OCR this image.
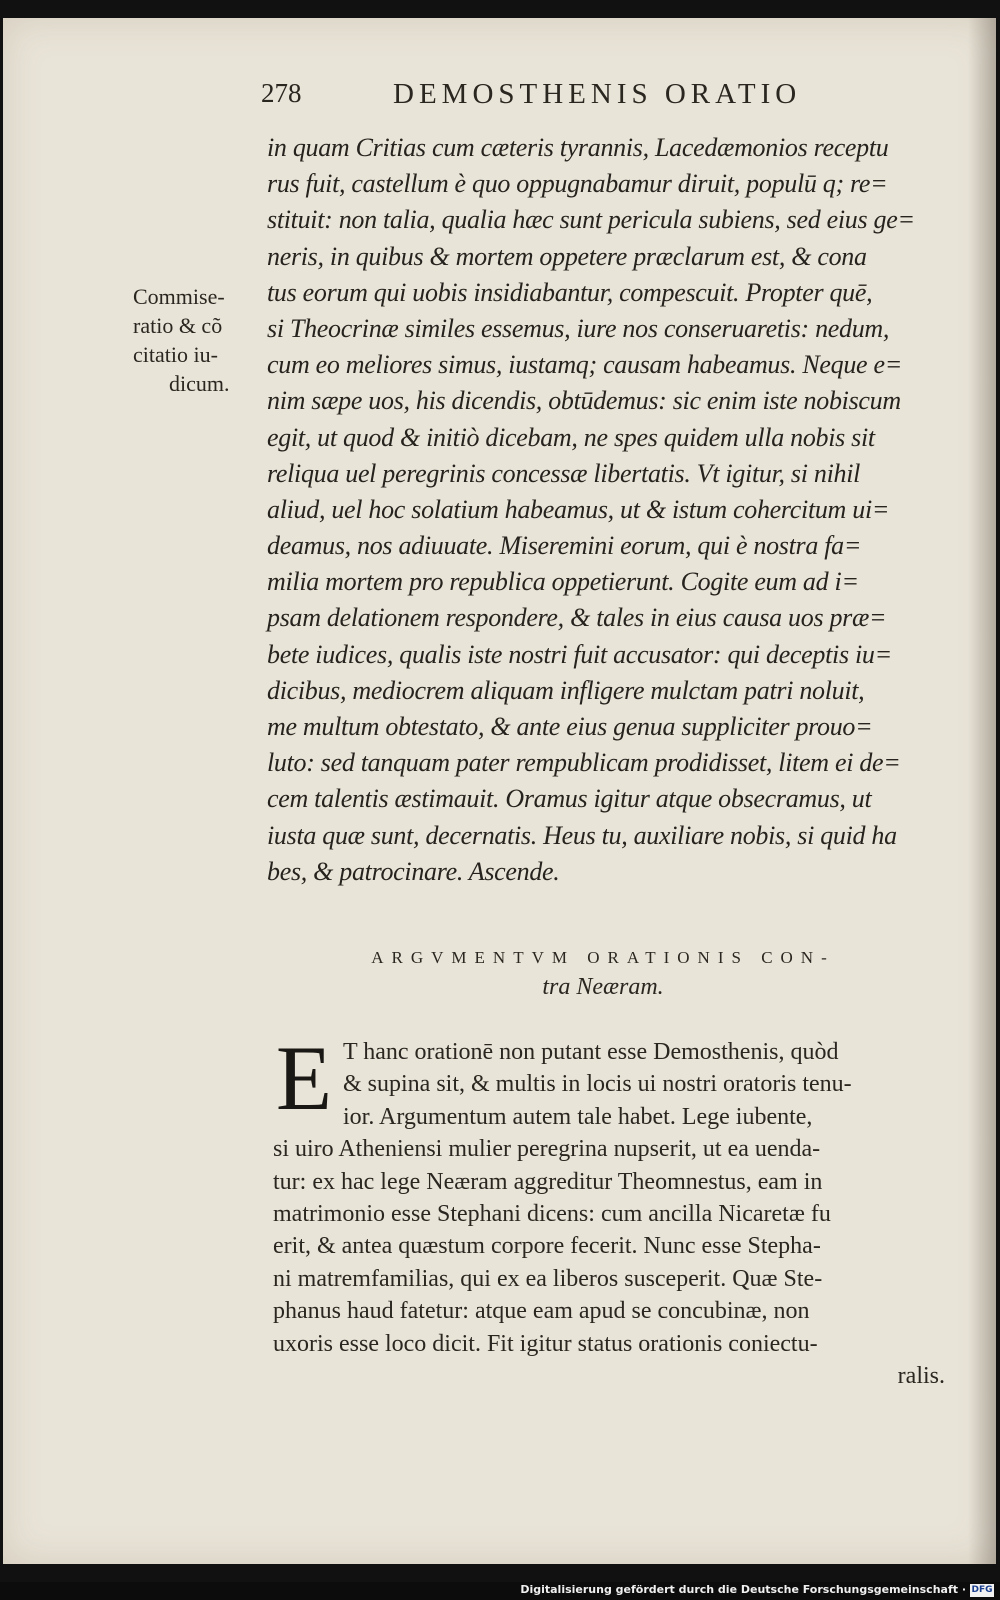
278	DEMOSTHENIS ORATIO
Commise-
ratio & cõ
citatio iu-
dicum.
in quam Critias cum cæteris tyrannis, Lacedæmonios receptu
rus fuit, castellum è quo oppugnabamur diruit, populū q; re=
stituit: non talia, qualia hæc sunt pericula subiens, sed eius ge=
neris, in quibus & mortem oppetere præclarum est, & cona
tus eorum qui uobis insidiabantur, compescuit. Propter quē,
si Theocrinæ similes essemus, iure nos conseruaretis: nedum,
cum eo meliores simus, iustamq; causam habeamus. Neque e=
nim sæpe uos, his dicendis, obtūdemus: sic enim iste nobiscum
egit, ut quod & initiò dicebam, ne spes quidem ulla nobis sit
reliqua uel peregrinis concessæ libertatis. Vt igitur, si nihil
aliud, uel hoc solatium habeamus, ut & istum cohercitum ui=
deamus, nos adiuuate. Miseremini eorum, qui è nostra fa=
milia mortem pro republica oppetierunt. Cogite eum ad i=
psam delationem respondere, & tales in eius causa uos præ=
bete iudices, qualis iste nostri fuit accusator: qui deceptis iu=
dicibus, mediocrem aliquam infligere mulctam patri noluit,
me multum obtestato, & ante eius genua suppliciter prouo=
luto: sed tanquam pater rempublicam prodidisset, litem ei de=
cem talentis æstimauit. Oramus igitur atque obsecramus, ut
iusta quæ sunt, decernatis. Heus tu, auxiliare nobis, si quid ha
bes, & patrocinare. Ascende.
ARGVMENTVM ORATIONIS CON-
tra Neæram.
E T hanc orationē non putant esse Demosthenis, quòd
& supina sit, & multis in locis ui nostri oratoris tenu-
ior. Argumentum autem tale habet. Lege iubente,
si uiro Atheniensi mulier peregrina nupserit, ut ea uenda-
tur: ex hac lege Neæram aggreditur Theomnestus, eam in
matrimonio esse Stephani dicens: cum ancilla Nicaretæ fu
erit, & antea quæstum corpore fecerit. Nunc esse Stepha-
ni matremfamilias, qui ex ea liberos susceperit. Quæ Ste-
phanus haud fatetur: atque eam apud se concubinæ, non
uxoris esse loco dicit. Fit igitur status orationis coniectu-
ralis.
Digitalisierung gefördert durch die Deutsche Forschungsgemeinschaft · DFG
